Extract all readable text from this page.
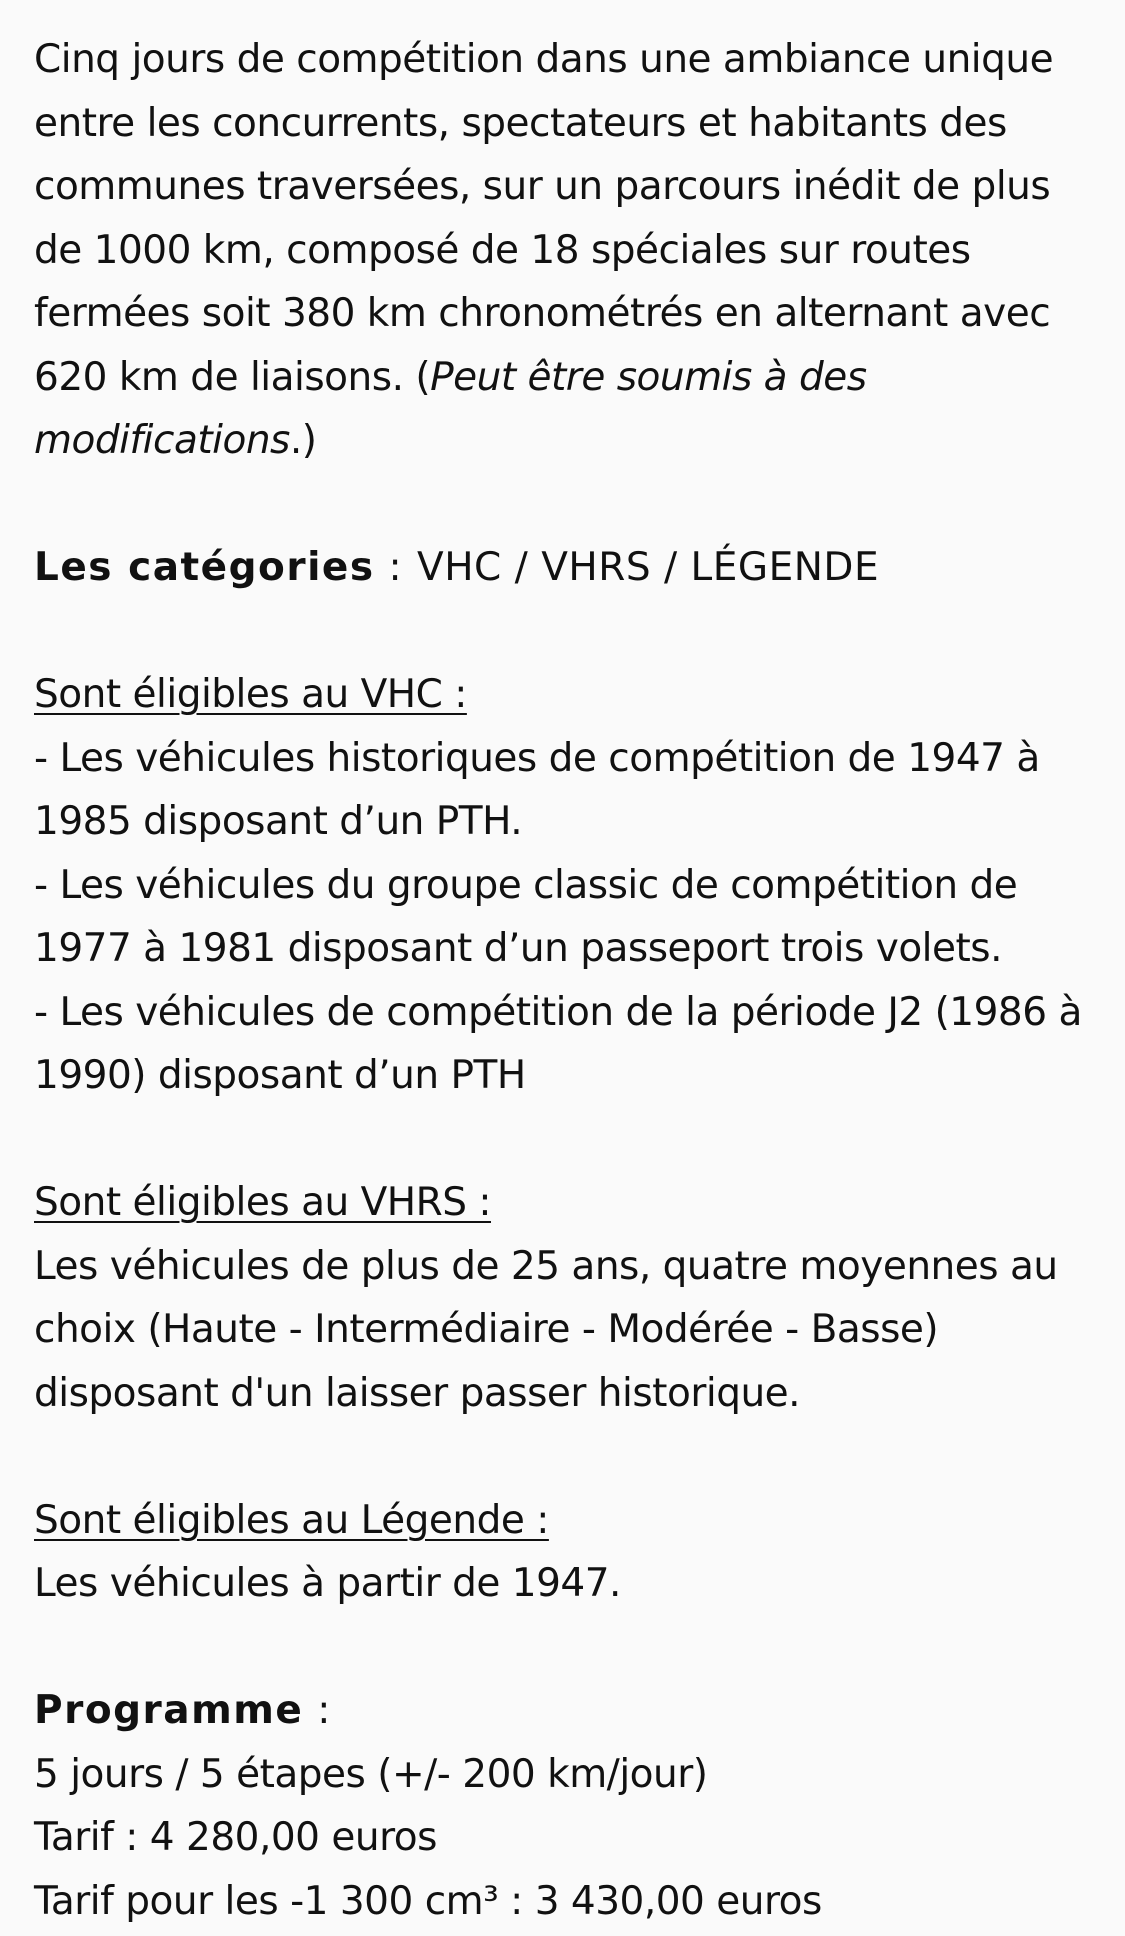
Cinq jours de compétition dans une ambiance unique entre les concurrents, spectateurs et habitants des communes traversées, sur un parcours inédit de plus de 1000 km, composé de 18 spéciales sur routes fermées soit 380 km chronométrés en alternant avec 620 km de liaisons. (Peut être soumis à des modifications.)

Les catégories : VHC / VHRS / LÉGENDE

Sont éligibles au VHC :
- Les véhicules historiques de compétition de 1947 à 1985 disposant d’un PTH.
- Les véhicules du groupe classic de compétition de 1977 à 1981 disposant d’un passeport trois volets.
- Les véhicules de compétition de la période J2 (1986 à 1990) disposant d’un PTH
Sont éligibles au VHRS :
Les véhicules de plus de 25 ans, quatre moyennes au choix (Haute - Intermédiaire - Modérée - Basse) disposant d'un laisser passer historique.
Sont éligibles au Légende :
Les véhicules à partir de 1947.

Programme :

5 jours / 5 étapes (+/- 200 km/jour)
Tarif : 4 280,00 euros
Tarif pour les -1 300 cm³ : 3 430,00 euros
